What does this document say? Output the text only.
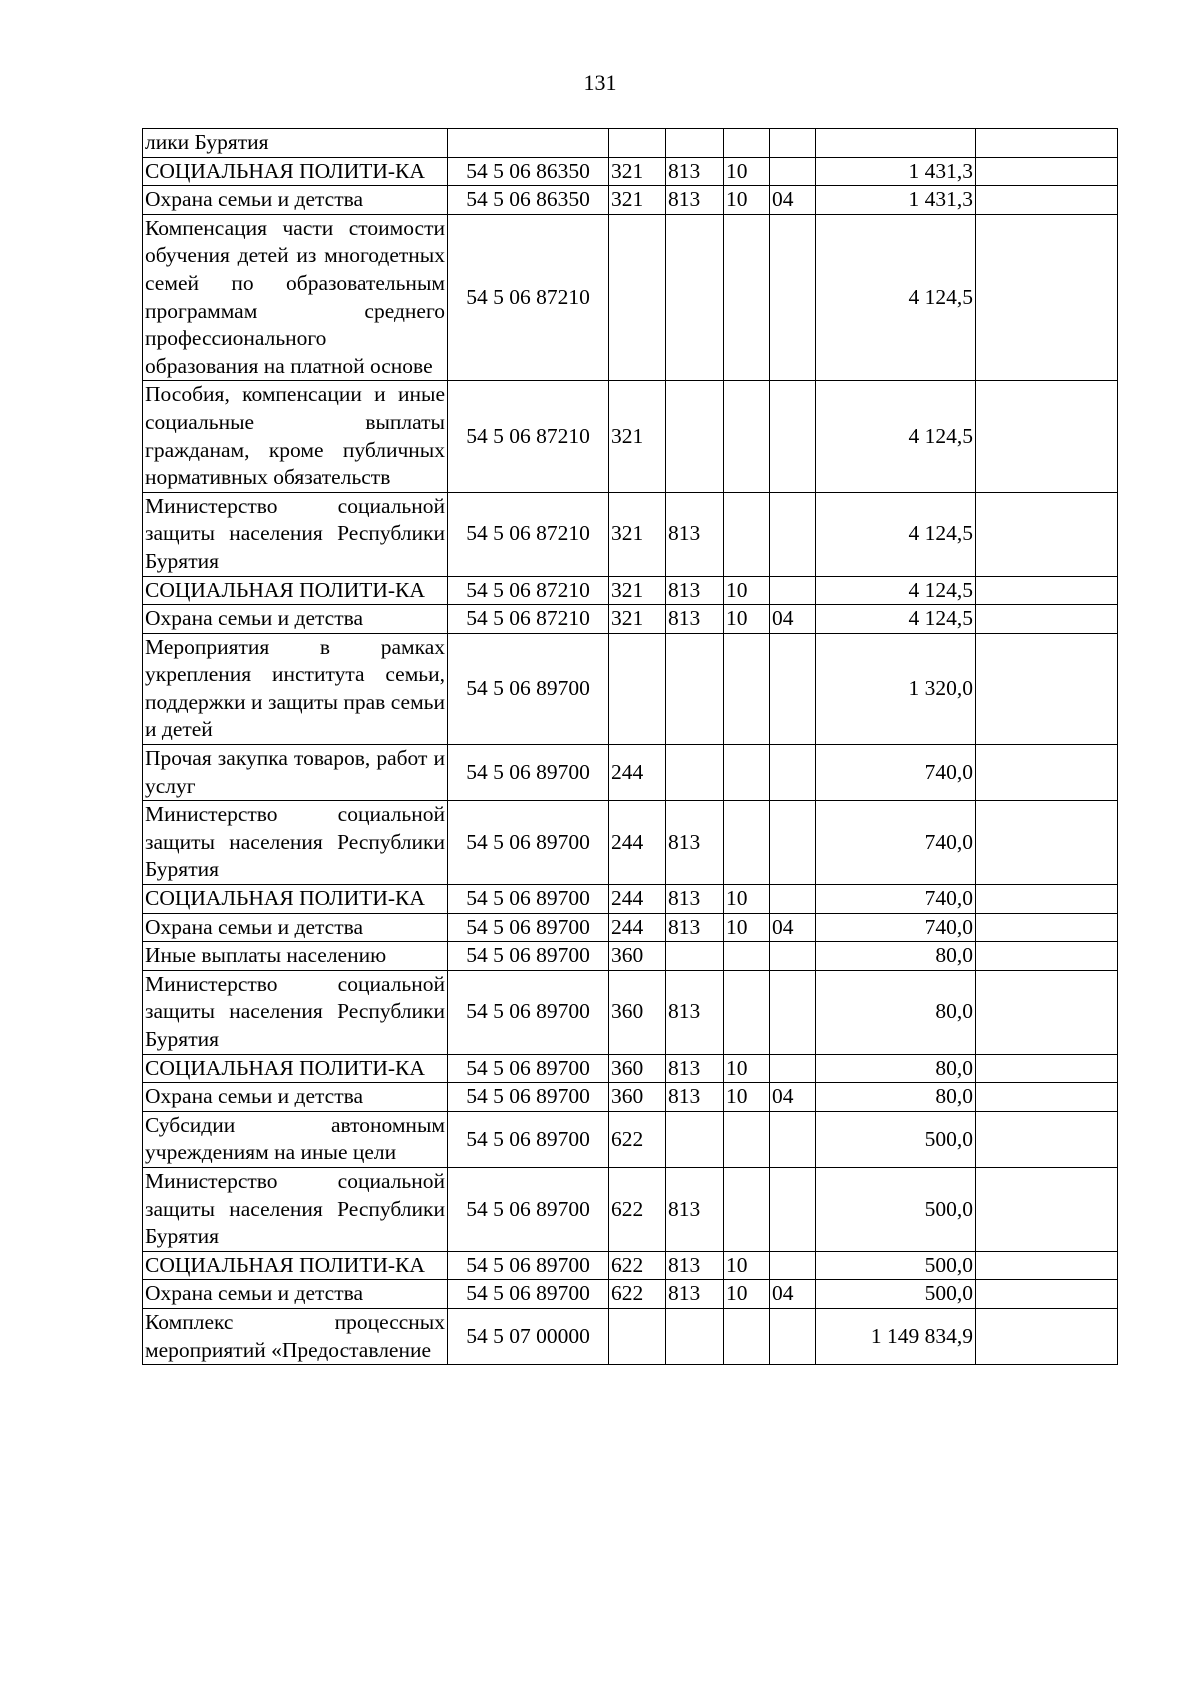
131
лики Бурятия							
СОЦИАЛЬНАЯ ПОЛИТИ-КА	54 5 06 86350	321	813	10		1 431,3	
Охрана семьи и детства	54 5 06 86350	321	813	10	04	1 431,3	
Компенсация части стоимости обучения детей из многодетных семей по образовательным программам среднего профессионального образования на платной основе	54 5 06 87210					4 124,5	
Пособия, компенсации и иные социальные выплаты гражданам, кроме публичных нормативных обязательств	54 5 06 87210	321				4 124,5	
Министерство социальной защиты населения Республики Бурятия	54 5 06 87210	321	813			4 124,5	
СОЦИАЛЬНАЯ ПОЛИТИ-КА	54 5 06 87210	321	813	10		4 124,5	
Охрана семьи и детства	54 5 06 87210	321	813	10	04	4 124,5	
Мероприятия в рамках укрепления института семьи, поддержки и защиты прав семьи и детей	54 5 06 89700					1 320,0	
Прочая закупка товаров, работ и услуг	54 5 06 89700	244				740,0	
Министерство социальной защиты населения Республики Бурятия	54 5 06 89700	244	813			740,0	
СОЦИАЛЬНАЯ ПОЛИТИ-КА	54 5 06 89700	244	813	10		740,0	
Охрана семьи и детства	54 5 06 89700	244	813	10	04	740,0	
Иные выплаты населению	54 5 06 89700	360				80,0	
Министерство социальной защиты населения Республики Бурятия	54 5 06 89700	360	813			80,0	
СОЦИАЛЬНАЯ ПОЛИТИ-КА	54 5 06 89700	360	813	10		80,0	
Охрана семьи и детства	54 5 06 89700	360	813	10	04	80,0	
Субсидии автономным учреждениям на иные цели	54 5 06 89700	622				500,0	
Министерство социальной защиты населения Республики Бурятия	54 5 06 89700	622	813			500,0	
СОЦИАЛЬНАЯ ПОЛИТИ-КА	54 5 06 89700	622	813	10		500,0	
Охрана семьи и детства	54 5 06 89700	622	813	10	04	500,0	
Комплекс процессных мероприятий «Предоставление	54 5 07 00000					1 149 834,9	
